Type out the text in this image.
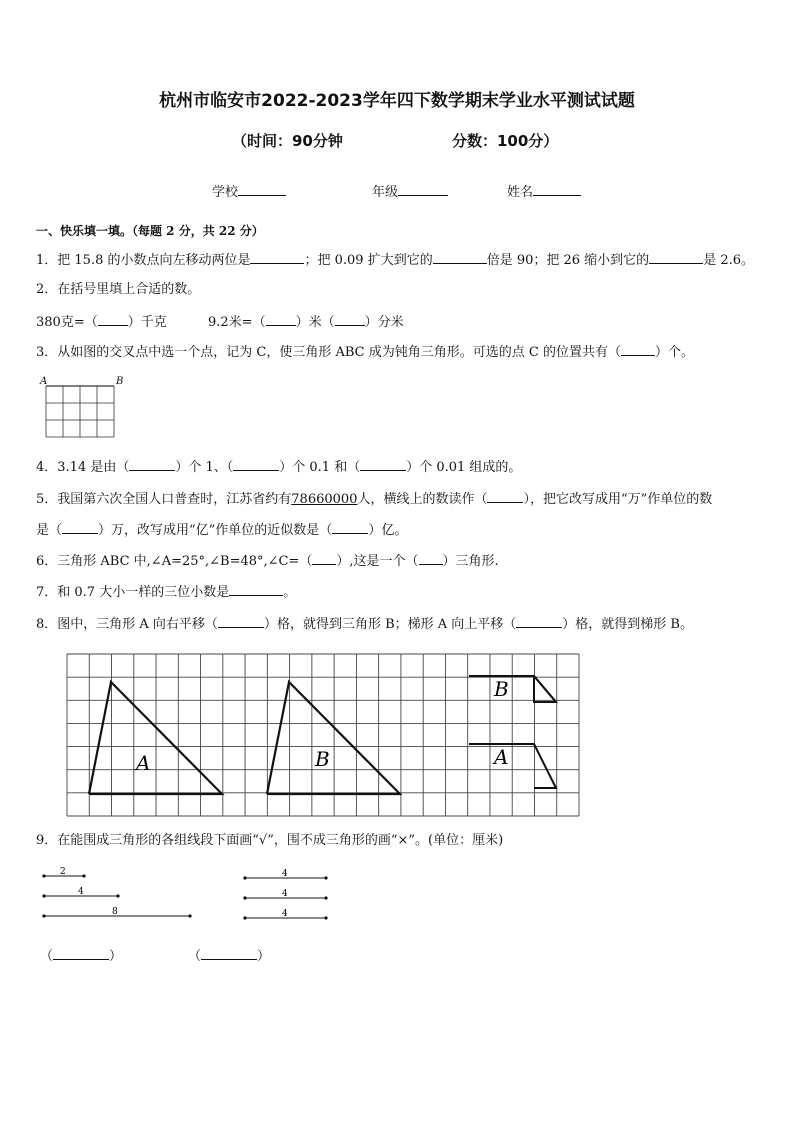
杭州市临安市2022-2023学年四下数学期末学业水平测试试题
（时间：90分钟	分数：100分）
学校	年级	姓名
一、快乐填一填。（每题 2 分，共 22 分）
1．把 15.8 的小数点向左移动两位是	；把 0.09 扩大到它的	倍是 90；把 26 缩小到它的	是 2.6。
2．在括号里填上合适的数。
380克=（ ）千克	9.2米=（ ）米（ ）分米
3．从如图的交叉点中选一个点，记为 C，使三角形 ABC 成为钝角三角形。可选的点 C 的位置共有（	）个。
A	B
4．3.14 是由（	）个 1、（	）个 0.1 和（	）个 0.01 组成的。
5．我国第六次全国人口普查时，江苏省约有78660000人，横线上的数读作（	），把它改写成用“万”作单位的数
是（	）万，改写成用“亿”作单位的近似数是（	）亿。
6．三角形 ABC 中,∠A=25°,∠B=48°,∠C=（ ）,这是一个（ ）三角形.
7．和 0.7 大小一样的三位小数是	。
8．图中，三角形 A 向右平移（	）格，就得到三角形 B；梯形 A 向上平移（	）格，就得到梯形 B。
A	B
B
A
9．在能围成三角形的各组线段下面画“√”，围不成三角形的画“×”。(单位：厘米)
2
4
8
4
4
4
（	）	（	）
